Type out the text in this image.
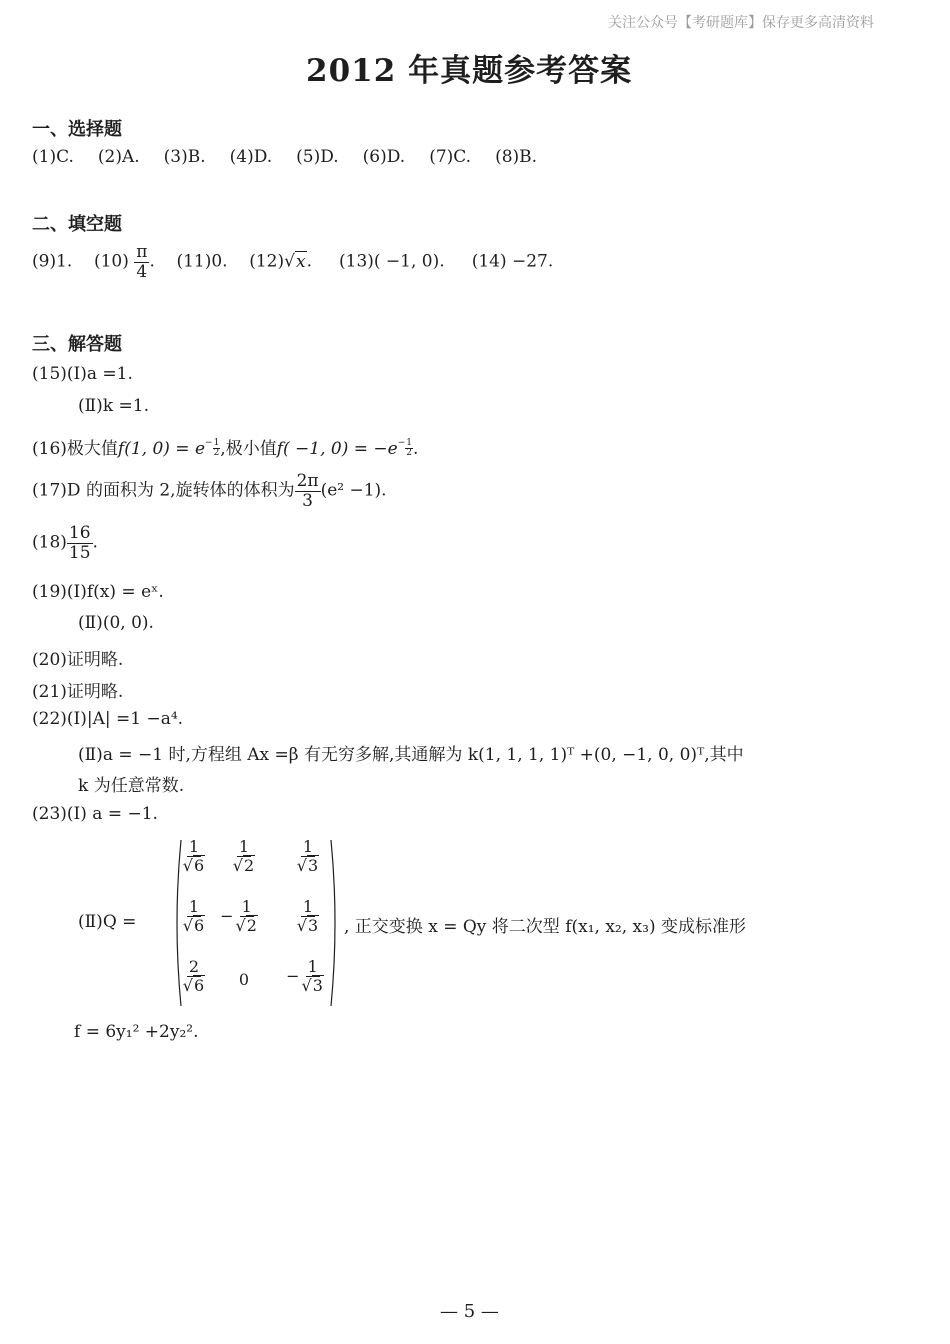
关注公众号【考研题库】保存更多高清资料
2012 年真题参考答案
一、选择题
(1)C. (2)A. (3)B. (4)D. (5)D. (6)D. (7)C. (8)B.
二、填空题
(9)1. $(10) \frac{\pi}{4}$ .    (11)0. (12)√x.     (13)( −1, 0). (14) −27.
三、解答题
(15)(Ⅰ)a =1.
(Ⅱ)k =1.
(16)极大值f(1, $0) = e - \frac{1}{2}$ ,极小值f( −1, $0) = -e - \frac{1}{2}$ .
(17)D 的面积为 2,旋转体的体积为 $\frac{2\pi}{3} (e^2 -1)$.
$(18) \frac{16}{15}$ .
(19)(Ⅰ)f(x) = eˣ.
(Ⅱ)(0, 0).
(20)证明略.
(21)证明略.
(22)(Ⅰ)|A| =1 −a⁴.
(Ⅱ)a = −1 时,方程组 Ax =β 有无穷多解,其通解为 k(1, 1, 1, 1)ᵀ +(0, −1, 0, 0)ᵀ,其中
k 为任意常数.
(23)(Ⅰ) a = −1.
(Ⅱ)Q =
$\frac{1}{√6} \frac{1}{√2} \frac{1}{√3}$
$\frac{1}{√6} - \frac{1}{√2} \frac{1}{√3}$
$\frac{2}{√6}$	0	− $\frac{1}{√3}$
, 正交变换 x = Qy 将二次型 f(x₁, x₂, x₃) 变成标准形
f = 6y₁² +2y₂².
— 5 —
